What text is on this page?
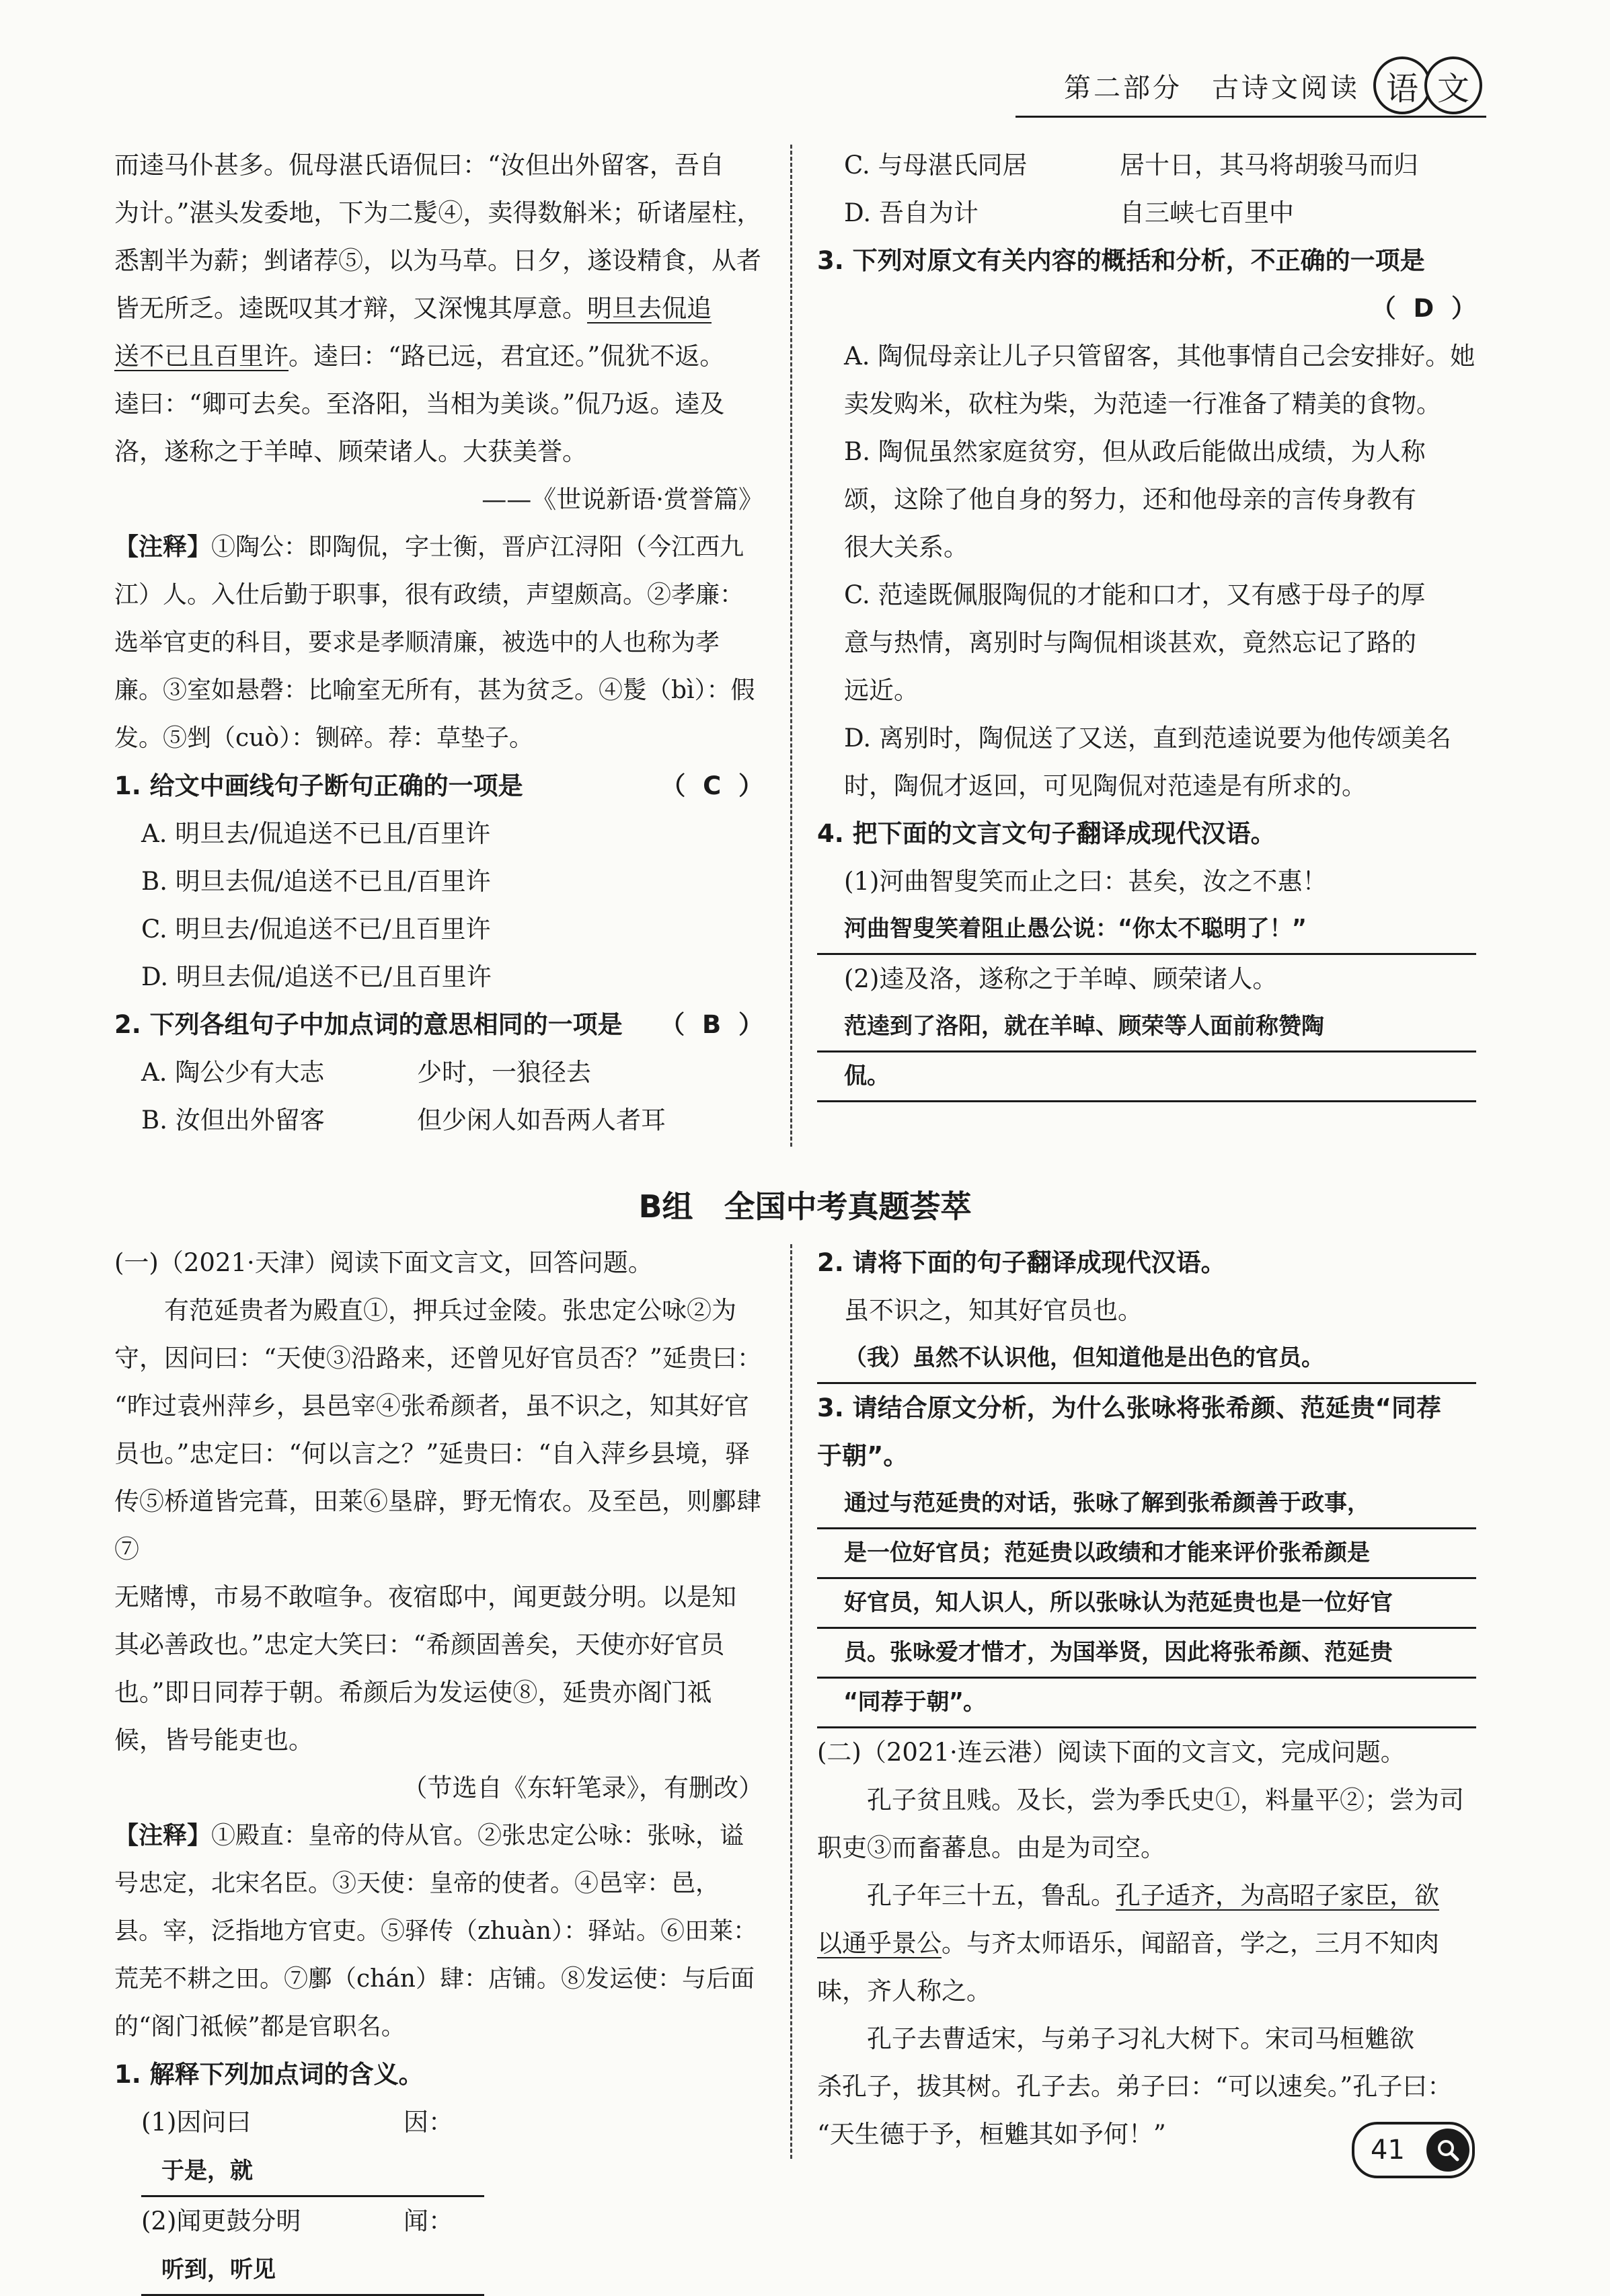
第二部分　古诗文阅读 语 文

而逵马仆甚多。侃母湛氏语侃曰：“汝但出外留客，吾自

为计。”湛头发委地，下为二髲④，卖得数斛米；斫诸屋柱，

悉割半为薪；剉诸荐⑤，以为马草。日夕，遂设精食，从者

皆无所乏。逵既叹其才辩，又深愧其厚意。明旦去侃追

送不已且百里许。逵曰：“路已远，君宜还。”侃犹不返。

逵曰：“卿可去矣。至洛阳，当相为美谈。”侃乃返。逵及

洛，遂称之于羊晫、顾荣诸人。大获美誉。

——《世说新语·赏誉篇》

【注释】①陶公：即陶侃，字士衡，晋庐江浔阳（今江西九

江）人。入仕后勤于职事，很有政绩，声望颇高。②孝廉：

选举官吏的科目，要求是孝顺清廉，被选中的人也称为孝

廉。③室如悬磬：比喻室无所有，甚为贫乏。④髲（bì）：假

发。⑤剉（cuò）：铡碎。荐：草垫子。

1. 给文中画线句子断句正确的一项是	（ C ）

A. 明旦去/侃追送不已且/百里许

B. 明旦去侃/追送不已且/百里许

C. 明旦去/侃追送不已/且百里许

D. 明旦去侃/追送不已/且百里许

2. 下列各组句子中加点词的意思相同的一项是 （ B ）

A. 陶公少有大志	少时，一狼径去

B. 汝但出外留客	但少闲人如吾两人者耳

C. 与母湛氏同居	居十日，其马将胡骏马而归

D. 吾自为计	自三峡七百里中

3. 下列对原文有关内容的概括和分析，不正确的一项是

（ D ）

A. 陶侃母亲让儿子只管留客，其他事情自己会安排好。她

卖发购米，砍柱为柴，为范逵一行准备了精美的食物。

B. 陶侃虽然家庭贫穷，但从政后能做出成绩，为人称

颂，这除了他自身的努力，还和他母亲的言传身教有

很大关系。

C. 范逵既佩服陶侃的才能和口才，又有感于母子的厚

意与热情，离别时与陶侃相谈甚欢，竟然忘记了路的

远近。

D. 离别时，陶侃送了又送，直到范逵说要为他传颂美名

时，陶侃才返回，可见陶侃对范逵是有所求的。

4. 把下面的文言文句子翻译成现代汉语。

(1)河曲智叟笑而止之曰：甚矣，汝之不惠！

河曲智叟笑着阻止愚公说：“你太不聪明了！”

(2)逵及洛，遂称之于羊晫、顾荣诸人。

范逵到了洛阳，就在羊晫、顾荣等人面前称赞陶

侃。

B组　全国中考真题荟萃

(一)（2021·天津）阅读下面文言文，回答问题。

有范延贵者为殿直①，押兵过金陵。张忠定公咏②为

守，因问曰：“天使③沿路来，还曾见好官员否？”延贵曰：

“昨过袁州萍乡，县邑宰④张希颜者，虽不识之，知其好官

员也。”忠定曰：“何以言之？”延贵曰：“自入萍乡县境，驿

传⑤桥道皆完葺，田莱⑥垦辟，野无惰农。及至邑，则鄽肆⑦

无赌博，市易不敢喧争。夜宿邸中，闻更鼓分明。以是知

其必善政也。”忠定大笑曰：“希颜固善矣，天使亦好官员

也。”即日同荐于朝。希颜后为发运使⑧，延贵亦阁门祗

候，皆号能吏也。

（节选自《东轩笔录》，有删改）

【注释】①殿直：皇帝的侍从官。②张忠定公咏：张咏，谥

号忠定，北宋名臣。③天使：皇帝的使者。④邑宰：邑，

县。宰，泛指地方官吏。⑤驿传（zhuàn）：驿站。⑥田莱：

荒芜不耕之田。⑦鄽（chán）肆：店铺。⑧发运使：与后面

的“阁门祗候”都是官职名。

1. 解释下列加点词的含义。

(1)因问曰	因：于是，就

(2)闻更鼓分明	闻：听到，听见

2. 请将下面的句子翻译成现代汉语。

虽不识之，知其好官员也。

（我）虽然不认识他，但知道他是出色的官员。

3. 请结合原文分析，为什么张咏将张希颜、范延贵“同荐

于朝”。

通过与范延贵的对话，张咏了解到张希颜善于政事，

是一位好官员；范延贵以政绩和才能来评价张希颜是

好官员，知人识人，所以张咏认为范延贵也是一位好官

员。张咏爱才惜才，为国举贤，因此将张希颜、范延贵

“同荐于朝”。

(二)（2021·连云港）阅读下面的文言文，完成问题。

孔子贫且贱。及长，尝为季氏史①，料量平②；尝为司

职吏③而畜蕃息。由是为司空。

孔子年三十五，鲁乱。孔子适齐，为高昭子家臣，欲

以通乎景公。与齐太师语乐，闻韶音，学之，三月不知肉

味，齐人称之。

孔子去曹适宋，与弟子习礼大树下。宋司马桓魋欲

杀孔子，拔其树。孔子去。弟子曰：“可以速矣。”孔子曰：

“天生德于予，桓魋其如予何！”

41
